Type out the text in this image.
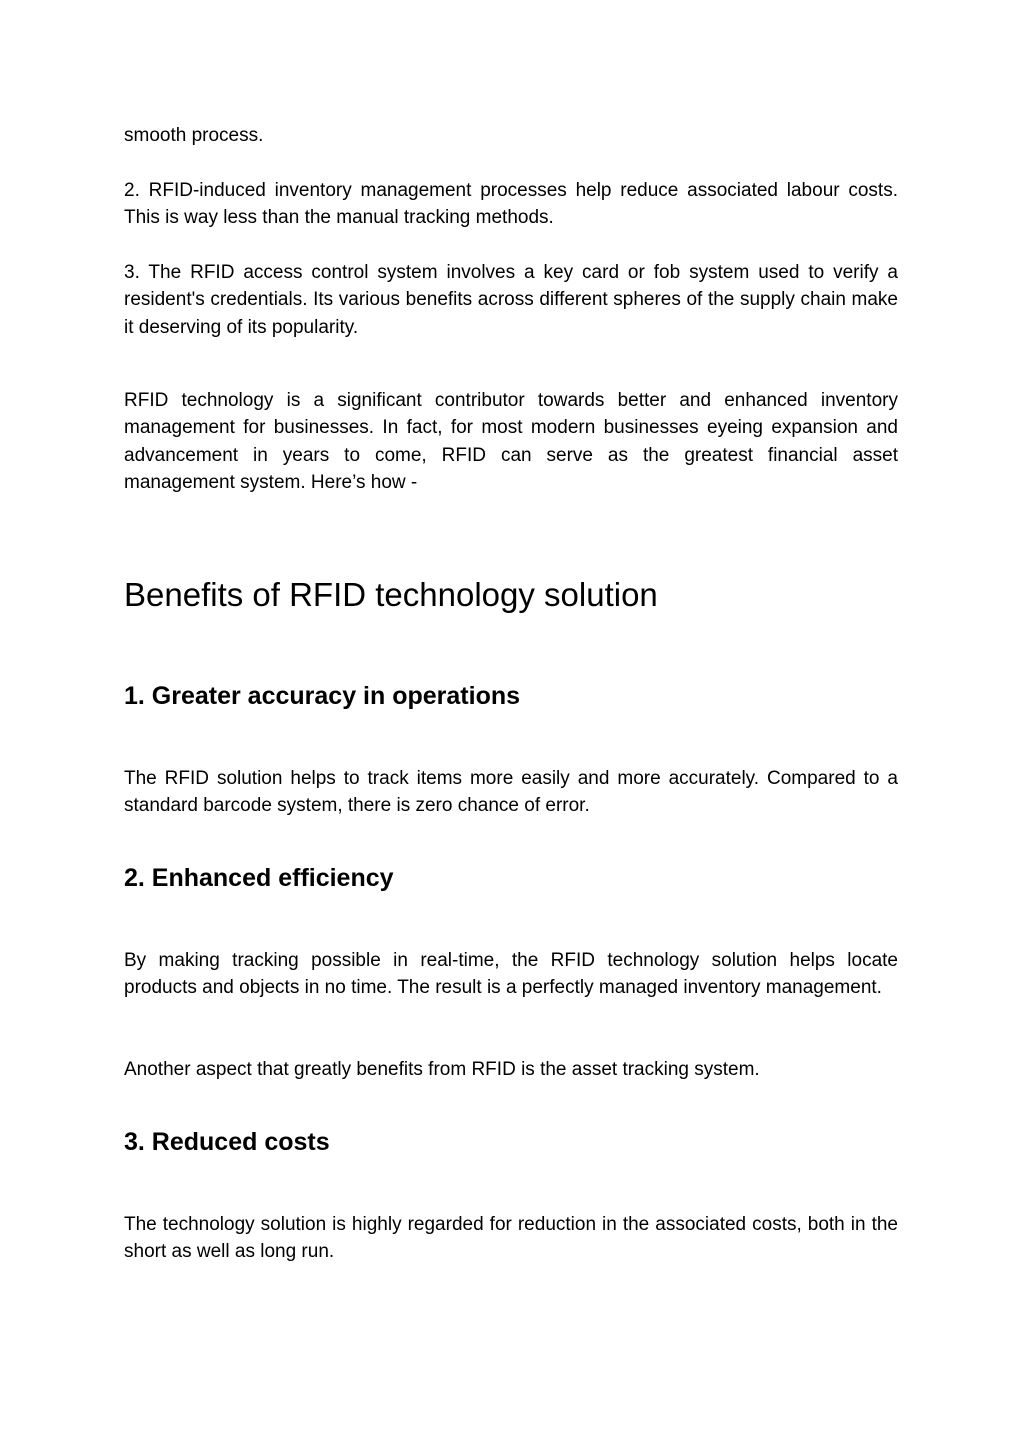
smooth process.

2. RFID-induced inventory management processes help reduce associated labour costs. This is way less than the manual tracking methods.

3. The RFID access control system involves a key card or fob system used to verify a resident's credentials. Its various benefits across different spheres of the supply chain make it deserving of its popularity.

RFID technology is a significant contributor towards better and enhanced inventory management for businesses. In fact, for most modern businesses eyeing expansion and advancement in years to come, RFID can serve as the greatest financial asset management system. Here’s how -

Benefits of RFID technology solution
1. Greater accuracy in operations

The RFID solution helps to track items more easily and more accurately. Compared to a standard barcode system, there is zero chance of error.

2. Enhanced efficiency

By making tracking possible in real-time, the RFID technology solution helps locate products and objects in no time. The result is a perfectly managed inventory management.

Another aspect that greatly benefits from RFID is the asset tracking system.

3. Reduced costs

The technology solution is highly regarded for reduction in the associated costs, both in the short as well as long run.
